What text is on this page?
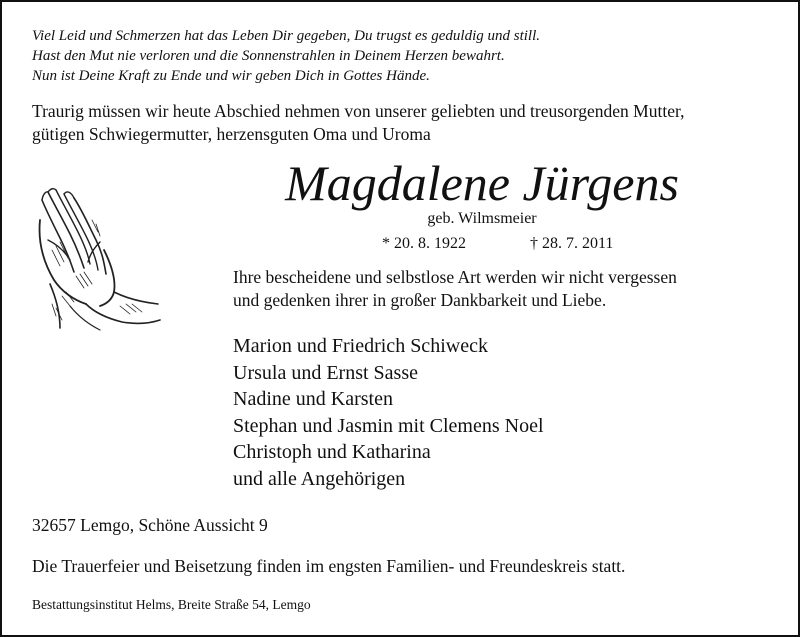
Viel Leid und Schmerzen hat das Leben Dir gegeben, Du trugst es geduldig und still.
Hast den Mut nie verloren und die Sonnenstrahlen in Deinem Herzen bewahrt.
Nun ist Deine Kraft zu Ende und wir geben Dich in Gottes Hände.
Traurig müssen wir heute Abschied nehmen von unserer geliebten und treusorgenden Mutter,
gütigen Schwiegermutter, herzensguten Oma und Uroma
Magdalene Jürgens
geb. Wilmsmeier
* 20. 8. 1922	† 28. 7. 2011
Ihre bescheidene und selbstlose Art werden wir nicht vergessen
und gedenken ihrer in großer Dankbarkeit und Liebe.
Marion und Friedrich Schiweck
Ursula und Ernst Sasse
Nadine und Karsten
Stephan und Jasmin mit Clemens Noel
Christoph und Katharina
und alle Angehörigen
32657 Lemgo, Schöne Aussicht 9
Die Trauerfeier und Beisetzung finden im engsten Familien- und Freundeskreis statt.
Bestattungsinstitut Helms, Breite Straße 54, Lemgo
